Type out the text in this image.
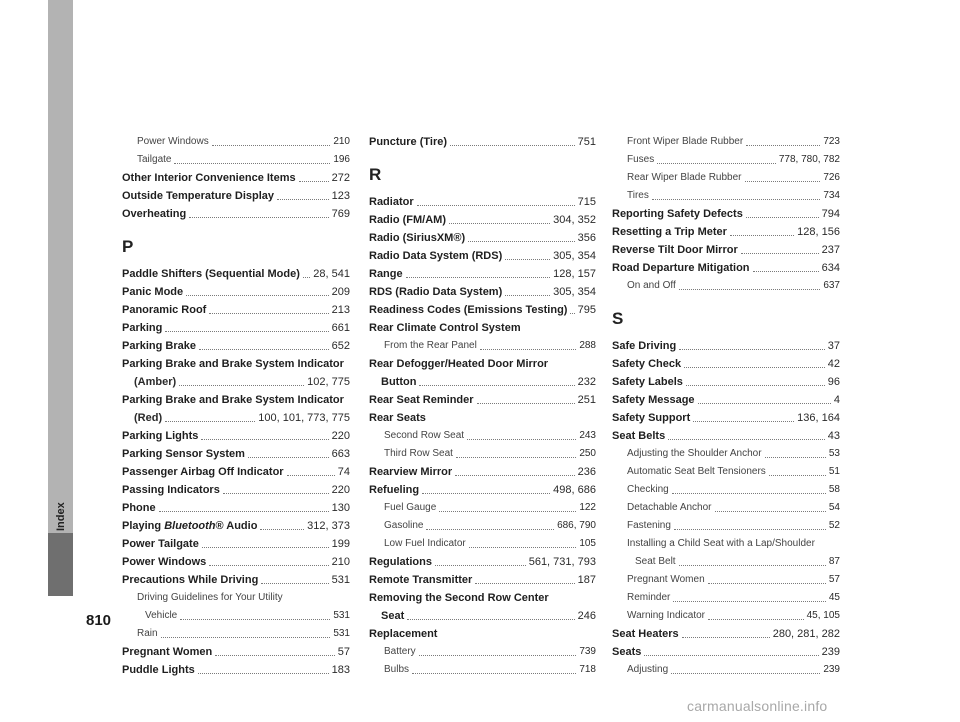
Index
Power Windows	210
Tailgate	196
Other Interior Convenience Items	272
Outside Temperature Display	123
Overheating	769
P
Paddle Shifters (Sequential Mode) 28, 541
Panic Mode	209
Panoramic Roof	213
Parking	661
Parking Brake	652
Parking Brake and Brake System Indicator
(Amber)	102, 775
Parking Brake and Brake System Indicator
(Red)	100, 101, 773, 775
Parking Lights	220
Parking Sensor System	663
Passenger Airbag Off Indicator	74
Passing Indicators	220
Phone	130
Playing Bluetooth® Audio	312, 373
Power Tailgate	199
Power Windows	210
Precautions While Driving	531
Driving Guidelines for Your Utility
Vehicle	531
Rain	531
Pregnant Women	57
Puddle Lights	183
Puncture (Tire)	751
R
Radiator	715
Radio (FM/AM)	304, 352
Radio (SiriusXM®)	356
Radio Data System (RDS)	305, 354
Range	128, 157
RDS (Radio Data System)	305, 354
Readiness Codes (Emissions Testing) 795
Rear Climate Control System
From the Rear Panel	288
Rear Defogger/Heated Door Mirror
Button	232
Rear Seat Reminder	251
Rear Seats
Second Row Seat	243
Third Row Seat	250
Rearview Mirror	236
Refueling	498, 686
Fuel Gauge	122
Gasoline	686, 790
Low Fuel Indicator	105
Regulations	561, 731, 793
Remote Transmitter	187
Removing the Second Row Center
Seat	246
Replacement
Battery	739
Bulbs	718
Front Wiper Blade Rubber	723
Fuses	778, 780, 782
Rear Wiper Blade Rubber	726
Tires	734
Reporting Safety Defects	794
Resetting a Trip Meter	128, 156
Reverse Tilt Door Mirror	237
Road Departure Mitigation	634
On and Off	637
S
Safe Driving	37
Safety Check	42
Safety Labels	96
Safety Message	4
Safety Support	136, 164
Seat Belts	43
Adjusting the Shoulder Anchor	53
Automatic Seat Belt Tensioners	51
Checking	58
Detachable Anchor	54
Fastening	52
Installing a Child Seat with a Lap/Shoulder
Seat Belt	87
Pregnant Women	57
Reminder	45
Warning Indicator	45, 105
Seat Heaters	280, 281, 282
Seats	239
Adjusting	239
810
carmanualsonline.info
